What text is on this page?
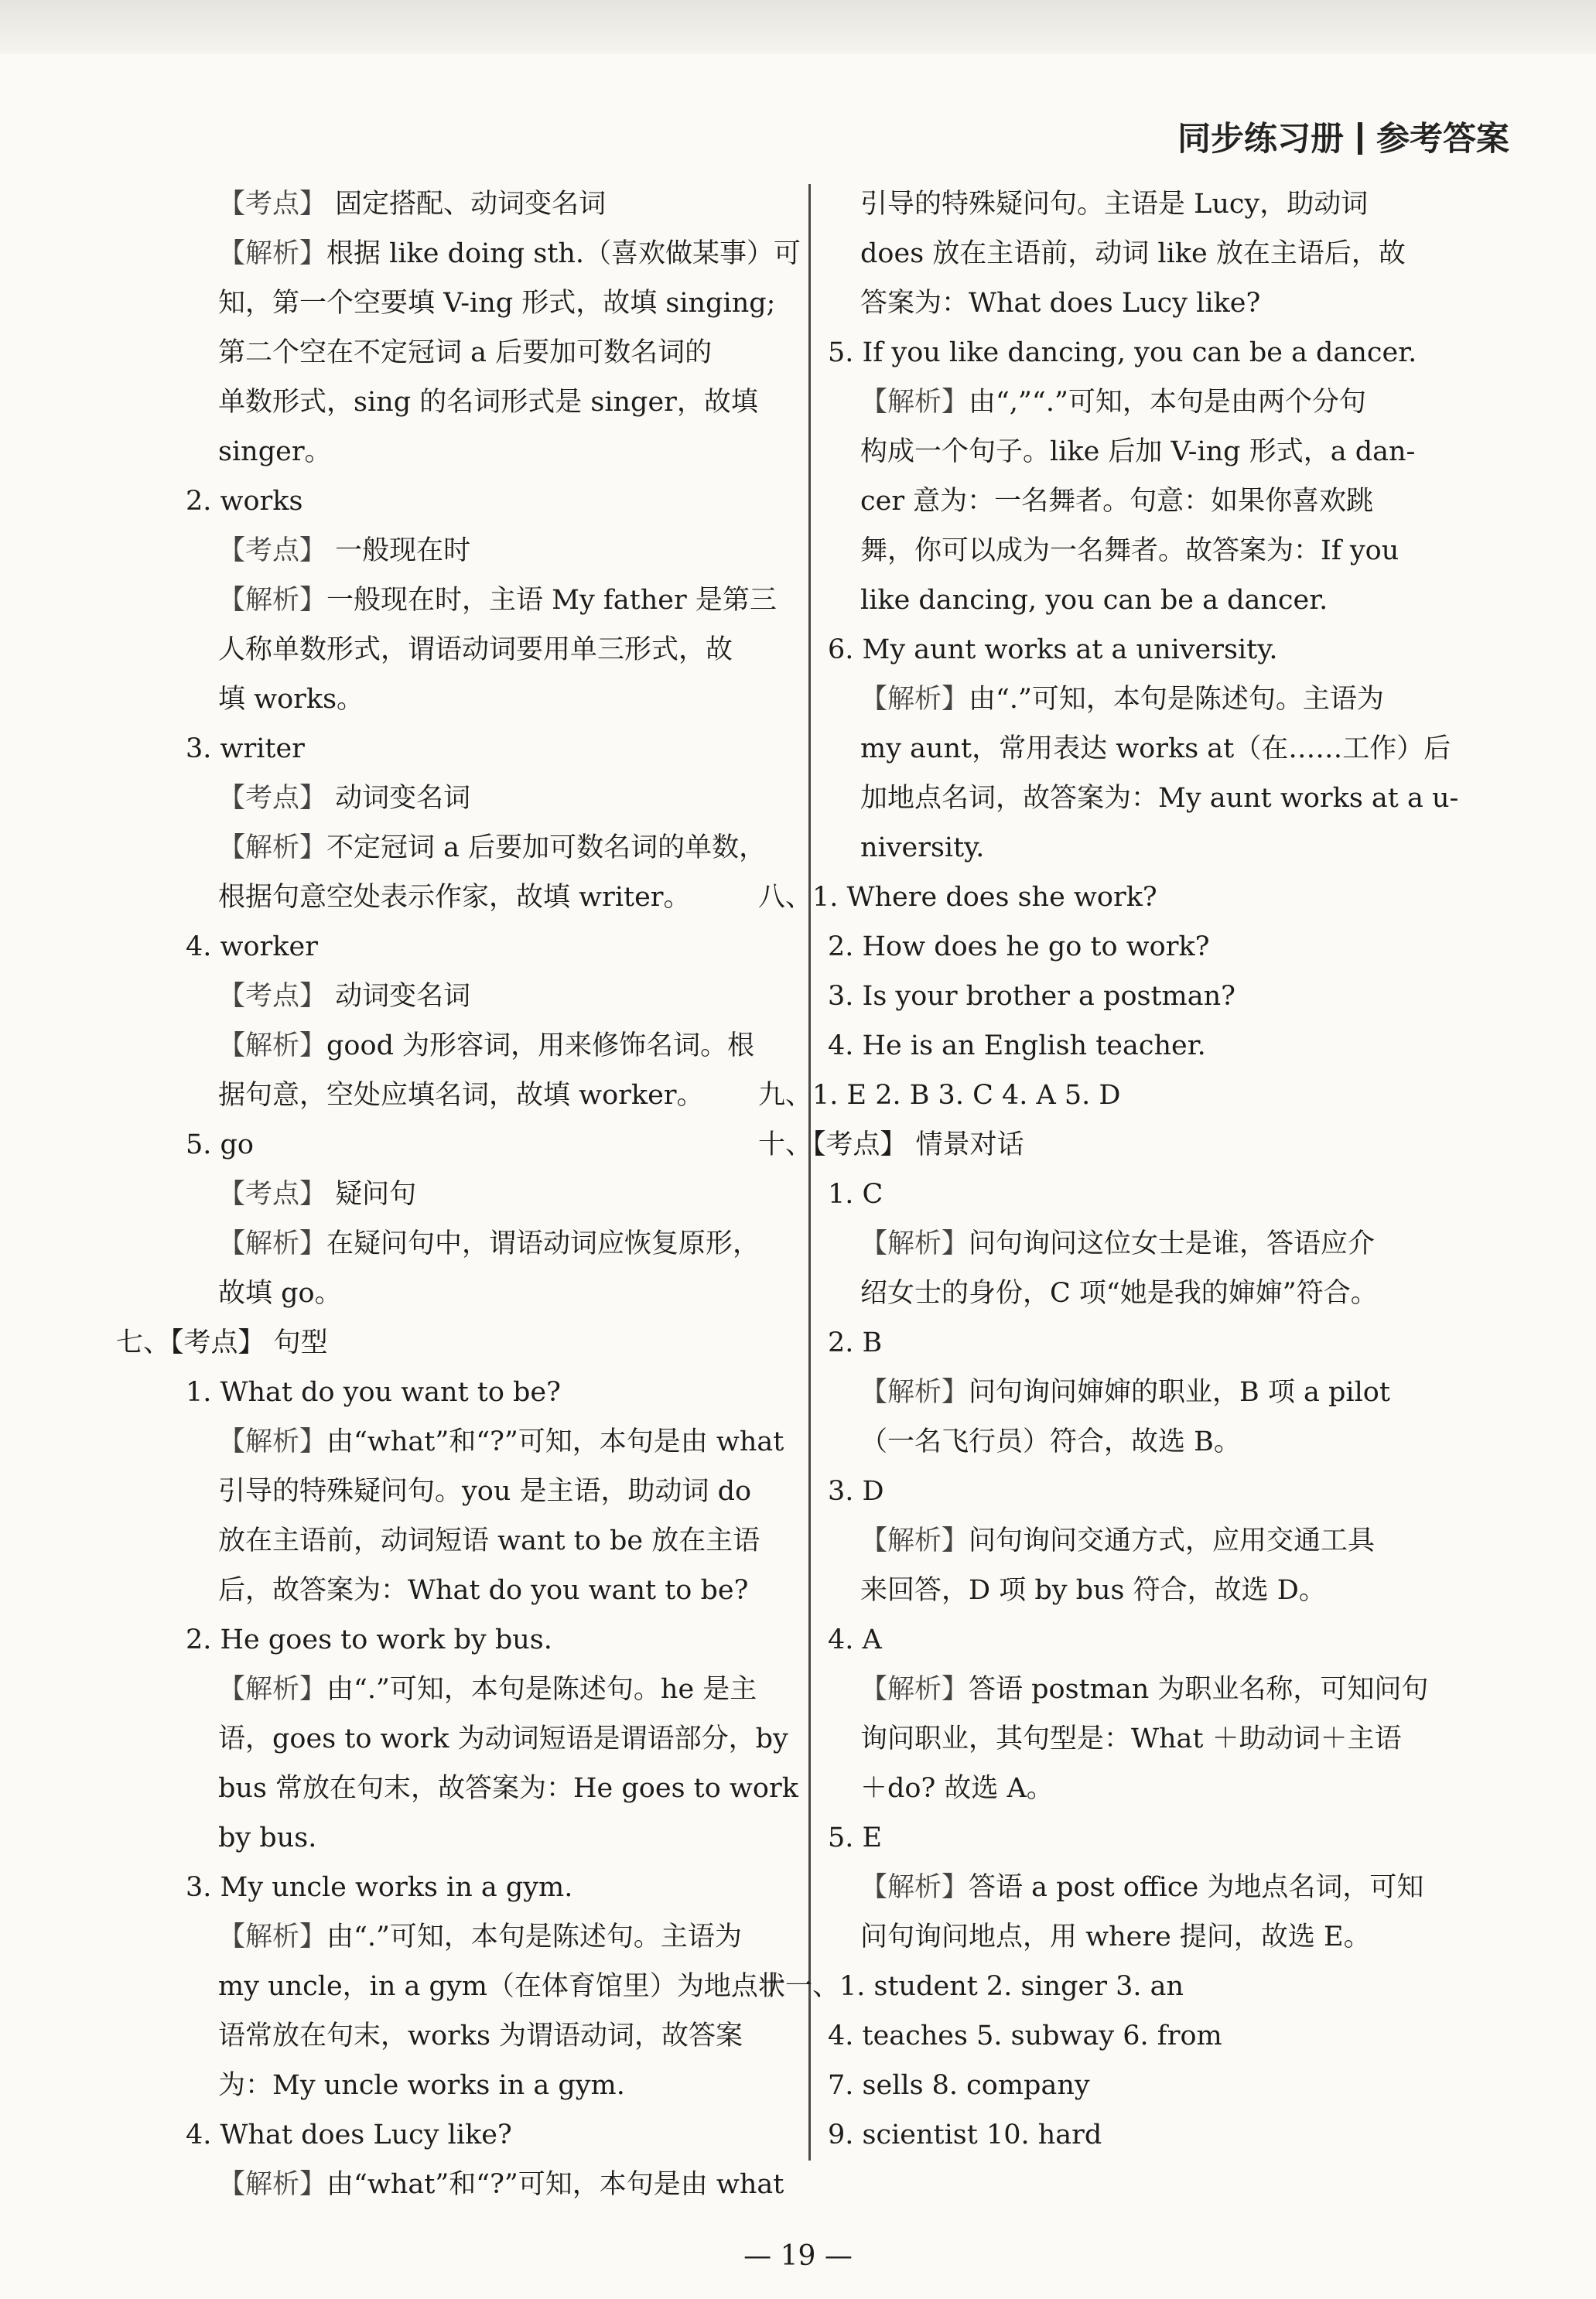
同步练习册 参考答案
【考点】 固定搭配、动词变名词
【解析】根据 like doing sth.（喜欢做某事）可
知，第一个空要填 V-ing 形式，故填 singing;
第二个空在不定冠词 a 后要加可数名词的
单数形式，sing 的名词形式是 singer，故填
singer。
2. works
【考点】 一般现在时
【解析】一般现在时，主语 My father 是第三
人称单数形式，谓语动词要用单三形式，故
填 works。
3. writer
【考点】 动词变名词
【解析】不定冠词 a 后要加可数名词的单数，
根据句意空处表示作家，故填 writer。
4. worker
【考点】 动词变名词
【解析】good 为形容词，用来修饰名词。根
据句意，空处应填名词，故填 worker。
5. go
【考点】 疑问句
【解析】在疑问句中，谓语动词应恢复原形，
故填 go。
七、【考点】 句型
1. What do you want to be?
【解析】由“what”和“?”可知，本句是由 what
引导的特殊疑问句。you 是主语，助动词 do
放在主语前，动词短语 want to be 放在主语
后，故答案为：What do you want to be?
2. He goes to work by bus.
【解析】由“.”可知，本句是陈述句。he 是主
语，goes to work 为动词短语是谓语部分，by
bus 常放在句末，故答案为：He goes to work
by bus.
3. My uncle works in a gym.
【解析】由“.”可知，本句是陈述句。主语为
my uncle，in a gym（在体育馆里）为地点状
语常放在句末，works 为谓语动词，故答案
为：My uncle works in a gym.
4. What does Lucy like?
【解析】由“what”和“?”可知，本句是由 what
引导的特殊疑问句。主语是 Lucy，助动词
does 放在主语前，动词 like 放在主语后，故
答案为：What does Lucy like?
5. If you like dancing, you can be a dancer.
【解析】由“,”“.”可知，本句是由两个分句
构成一个句子。like 后加 V-ing 形式，a dan-
cer 意为：一名舞者。句意：如果你喜欢跳
舞，你可以成为一名舞者。故答案为：If you
like dancing, you can be a dancer.
6. My aunt works at a university.
【解析】由“.”可知，本句是陈述句。主语为
my aunt，常用表达 works at（在……工作）后
加地点名词，故答案为：My aunt works at a u-
niversity.
八、1. Where does she work?
2. How does he go to work?
3. Is your brother a postman?
4. He is an English teacher.
九、1. E 2. B 3. C 4. A 5. D
十、【考点】 情景对话
1. C
【解析】问句询问这位女士是谁，答语应介
绍女士的身份，C 项“她是我的婶婶”符合。
2. B
【解析】问句询问婶婶的职业，B 项 a pilot
（一名飞行员）符合，故选 B。
3. D
【解析】问句询问交通方式，应用交通工具
来回答，D 项 by bus 符合，故选 D。
4. A
【解析】答语 postman 为职业名称，可知问句
询问职业，其句型是：What ＋助动词＋主语
＋do? 故选 A。
5. E
【解析】答语 a post office 为地点名词，可知
问句询问地点，用 where 提问，故选 E。
十一、1. student 2. singer 3. an
4. teaches 5. subway 6. from
7. sells 8. company
9. scientist 10. hard
— 19 —
